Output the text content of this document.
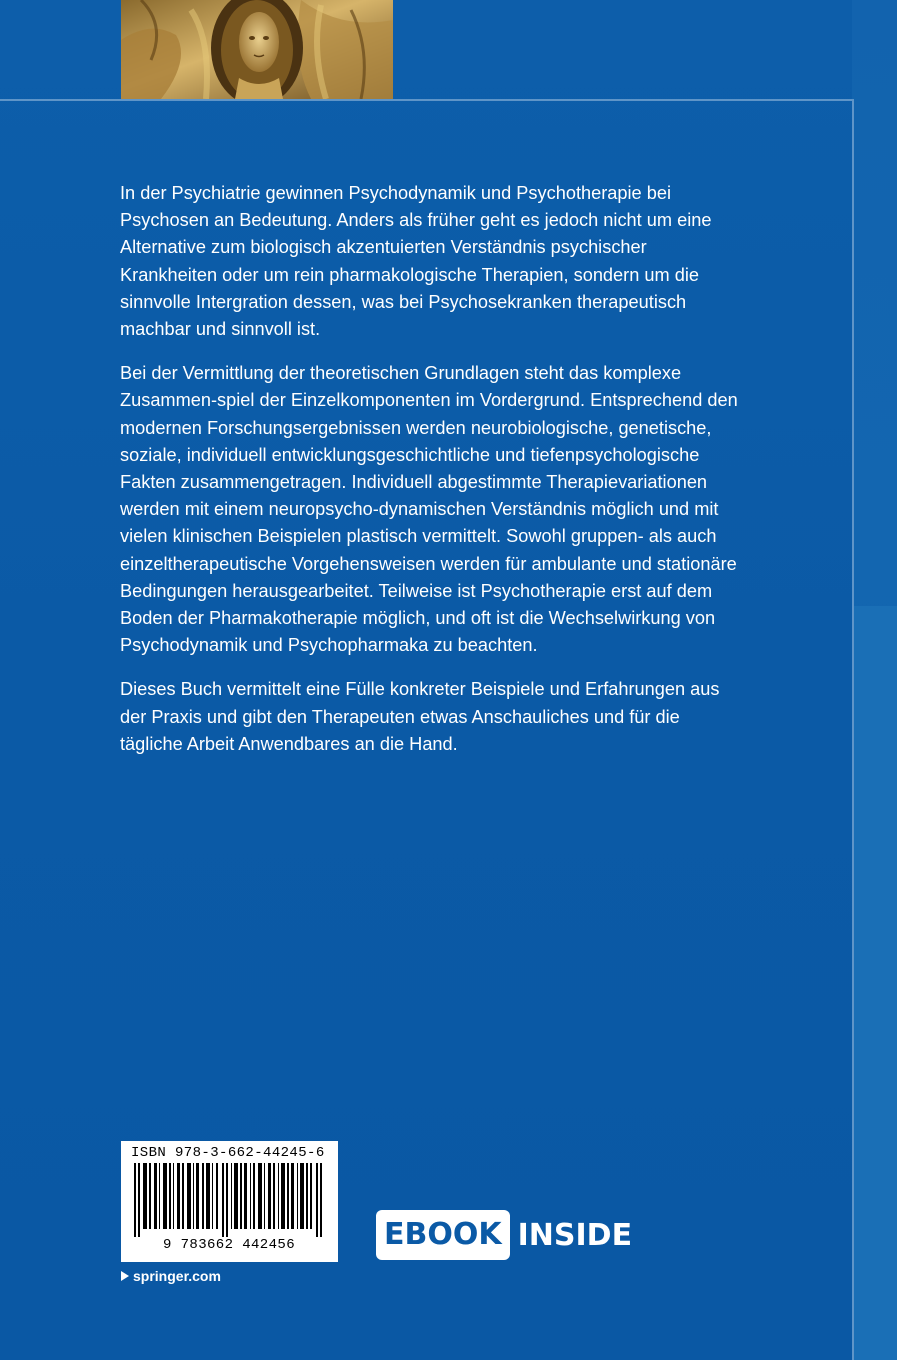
In der Psychiatrie gewinnen Psychodynamik und Psychotherapie bei Psychosen an Bedeutung. Anders als früher geht es jedoch nicht um eine Alternative zum biologisch akzentuierten Verständnis psychischer Krankheiten oder um rein pharmakologische Therapien, sondern um die sinnvolle Intergration dessen, was bei Psychosekranken therapeutisch machbar und sinnvoll ist.

Bei der Vermittlung der theoretischen Grundlagen steht das komplexe Zusammen-spiel der Einzelkomponenten im Vordergrund. Entsprechend den modernen Forschungsergebnissen werden neurobiologische, genetische, soziale, individuell entwicklungsgeschichtliche und tiefenpsychologische Fakten zusammengetragen. Individuell abgestimmte Therapievariationen werden mit einem neuropsycho-dynamischen Verständnis möglich und mit vielen klinischen Beispielen plastisch vermittelt. Sowohl gruppen- als auch einzeltherapeutische Vorgehensweisen werden für ambulante und stationäre Bedingungen herausgearbeitet. Teilweise ist Psychotherapie erst auf dem Boden der Pharmakotherapie möglich, und oft ist die Wechselwirkung von Psychodynamik und Psychopharmaka zu beachten.

Dieses Buch vermittelt eine Fülle konkreter Beispiele und Erfahrungen aus der Praxis und gibt den Therapeuten etwas Anschauliches und für die tägliche Arbeit Anwendbares an die Hand.

ISBN 978-3-662-44245-6
9 783662 442456	EBOOK INSIDE
springer.com
